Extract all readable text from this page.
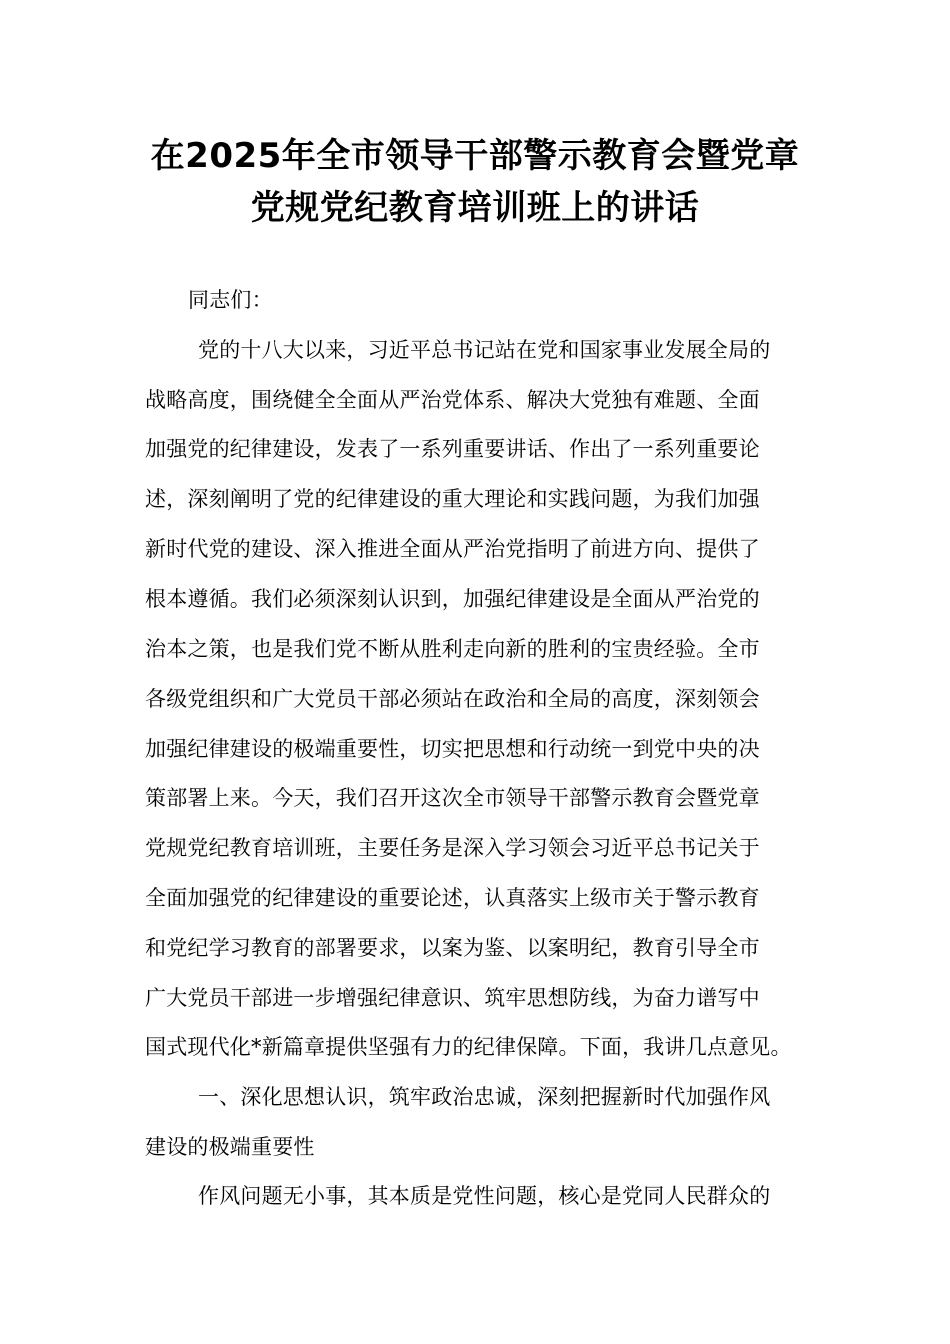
在2025年全市领导干部警示教育会暨党章
党规党纪教育培训班上的讲话
同志们：
党的十八大以来，习近平总书记站在党和国家事业发展全局的
战略高度，围绕健全全面从严治党体系、解决大党独有难题、全面
加强党的纪律建设，发表了一系列重要讲话、作出了一系列重要论
述，深刻阐明了党的纪律建设的重大理论和实践问题，为我们加强
新时代党的建设、深入推进全面从严治党指明了前进方向、提供了
根本遵循。我们必须深刻认识到，加强纪律建设是全面从严治党的
治本之策，也是我们党不断从胜利走向新的胜利的宝贵经验。全市
各级党组织和广大党员干部必须站在政治和全局的高度，深刻领会
加强纪律建设的极端重要性，切实把思想和行动统一到党中央的决
策部署上来。今天，我们召开这次全市领导干部警示教育会暨党章
党规党纪教育培训班，主要任务是深入学习领会习近平总书记关于
全面加强党的纪律建设的重要论述，认真落实上级市关于警示教育
和党纪学习教育的部署要求，以案为鉴、以案明纪，教育引导全市
广大党员干部进一步增强纪律意识、筑牢思想防线，为奋力谱写中
国式现代化*新篇章提供坚强有力的纪律保障。下面，我讲几点意见。
一、深化思想认识，筑牢政治忠诚，深刻把握新时代加强作风
建设的极端重要性
作风问题无小事，其本质是党性问题，核心是党同人民群众的
